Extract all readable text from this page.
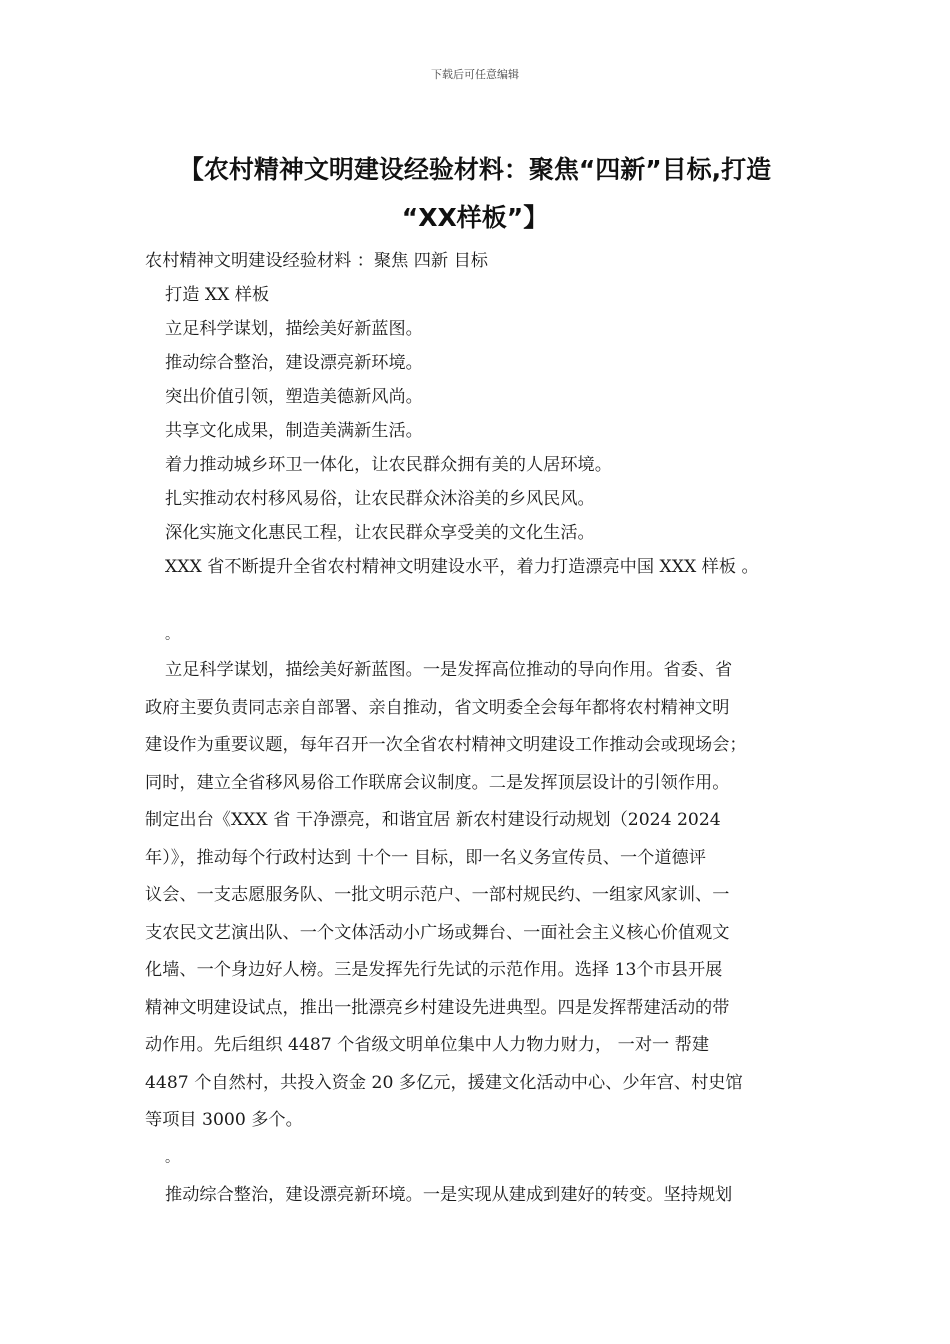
下载后可任意编辑
【农村精神文明建设经验材料：聚焦“四新”目标,打造
“XX样板”】
农村精神文明建设经验材料 ：聚焦 四新 目标
打造 XX 样板
立足科学谋划，描绘美好新蓝图。
推动综合整治，建设漂亮新环境。
突出价值引领，塑造美德新风尚。
共享文化成果，制造美满新生活。
着力推动城乡环卫一体化，让农民群众拥有美的人居环境。
扎实推动农村移风易俗，让农民群众沐浴美的乡风民风。
深化实施文化惠民工程，让农民群众享受美的文化生活。
XXX 省不断提升全省农村精神文明建设水平，着力打造漂亮中国 XXX 样板 。
。
立足科学谋划，描绘美好新蓝图。一是发挥高位推动的导向作用。省委、省
政府主要负责同志亲自部署、亲自推动，省文明委全会每年都将农村精神文明
建设作为重要议题，每年召开一次全省农村精神文明建设工作推动会或现场会；
同时，建立全省移风易俗工作联席会议制度。二是发挥顶层设计的引领作用。
制定出台《XXX 省 干净漂亮，和谐宜居 新农村建设行动规划（2024 2024
年）》，推动每个行政村达到 十个一 目标，即一名义务宣传员、一个道德评
议会、一支志愿服务队、一批文明示范户、一部村规民约、一组家风家训、一
支农民文艺演出队、一个文体活动小广场或舞台、一面社会主义核心价值观文
化墙、一个身边好人榜。三是发挥先行先试的示范作用。选择 13个市县开展
精神文明建设试点，推出一批漂亮乡村建设先进典型。四是发挥帮建活动的带
动作用。先后组织 4487 个省级文明单位集中人力物力财力， 一对一 帮建
4487 个自然村，共投入资金 20 多亿元，援建文化活动中心、少年宫、村史馆
等项目 3000 多个。
。
推动综合整治，建设漂亮新环境。一是实现从建成到建好的转变。坚持规划
